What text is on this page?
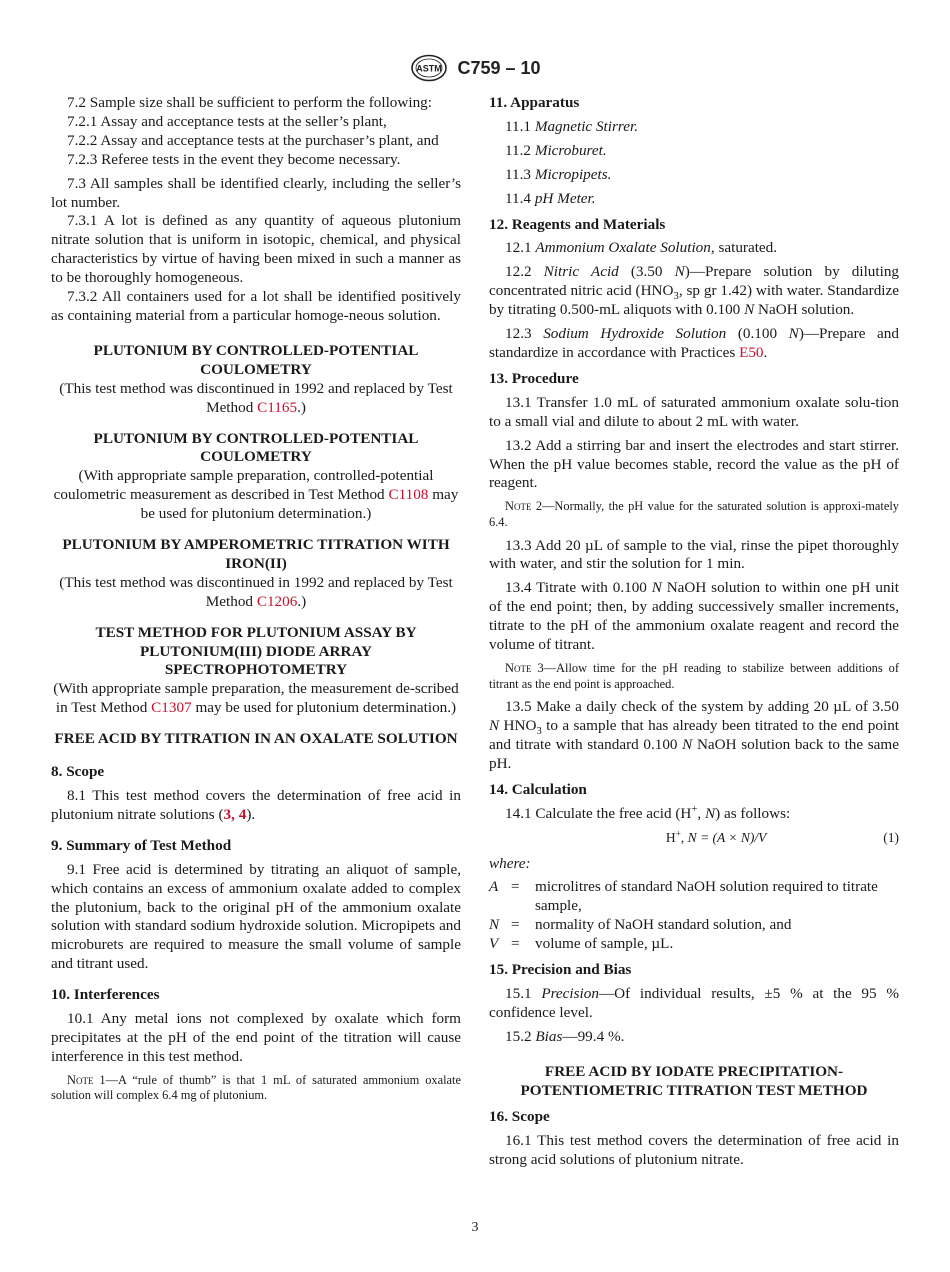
ASTM C759 – 10

7.2 Sample size shall be sufficient to perform the following:

7.2.1 Assay and acceptance tests at the seller’s plant,

7.2.2 Assay and acceptance tests at the purchaser’s plant, and

7.2.3 Referee tests in the event they become necessary.

7.3 All samples shall be identified clearly, including the seller’s lot number.

7.3.1 A lot is defined as any quantity of aqueous plutonium nitrate solution that is uniform in isotopic, chemical, and physical characteristics by virtue of having been mixed in such a manner as to be thoroughly homogeneous.

7.3.2 All containers used for a lot shall be identified positively as containing material from a particular homoge-neous solution.

PLUTONIUM BY CONTROLLED-POTENTIAL COULOMETRY

(This test method was discontinued in 1992 and replaced by Test Method C1165.)

PLUTONIUM BY CONTROLLED-POTENTIAL COULOMETRY

(With appropriate sample preparation, controlled-potential coulometric measurement as described in Test Method C1108 may be used for plutonium determination.)

PLUTONIUM BY AMPEROMETRIC TITRATION WITH IRON(II)

(This test method was discontinued in 1992 and replaced by Test Method C1206.)

TEST METHOD FOR PLUTONIUM ASSAY BY PLUTONIUM(III) DIODE ARRAY SPECTROPHOTOMETRY

(With appropriate sample preparation, the measurement de-scribed in Test Method C1307 may be used for plutonium determination.)

FREE ACID BY TITRATION IN AN OXALATE SOLUTION
8. Scope

8.1 This test method covers the determination of free acid in plutonium nitrate solutions (3, 4).

9. Summary of Test Method

9.1 Free acid is determined by titrating an aliquot of sample, which contains an excess of ammonium oxalate added to complex the plutonium, back to the original pH of the ammonium oxalate solution with standard sodium hydroxide solution. Micropipets and microburets are required to measure the small volume of sample and titrant used.

10. Interferences

10.1 Any metal ions not complexed by oxalate which form precipitates at the pH of the end point of the titration will cause interference in this test method.

Note 1—A “rule of thumb” is that 1 mL of saturated ammonium oxalate solution will complex 6.4 mg of plutonium.

11. Apparatus

11.1 Magnetic Stirrer.

11.2 Microburet.

11.3 Micropipets.

11.4 pH Meter.

12. Reagents and Materials

12.1 Ammonium Oxalate Solution, saturated.

12.2 Nitric Acid (3.50 N)—Prepare solution by diluting concentrated nitric acid ($HNO_3$, sp gr 1.42) with water. Standardize by titrating 0.500-mL aliquots with 0.100 N NaOH solution.

12.3 Sodium Hydroxide Solution (0.100 N)—Prepare and standardize in accordance with Practices E50.

13. Procedure

13.1 Transfer 1.0 mL of saturated ammonium oxalate solu-tion to a small vial and dilute to about 2 mL with water.

13.2 Add a stirring bar and insert the electrodes and start stirrer. When the pH value becomes stable, record the value as the pH of reagent.

Note 2—Normally, the pH value for the saturated solution is approxi-mately 6.4.

13.3 Add 20 µL of sample to the vial, rinse the pipet thoroughly with water, and stir the solution for 1 min.

13.4 Titrate with 0.100 N NaOH solution to within one pH unit of the end point; then, by adding successively smaller increments, titrate to the pH of the ammonium oxalate reagent and record the volume of titrant.

Note 3—Allow time for the pH reading to stabilize between additions of titrant as the end point is approached.

13.5 Make a daily check of the system by adding 20 µL of 3.50 N $HNO_3$ to a sample that has already been titrated to the end point and titrate with standard 0.100 N NaOH solution back to the same pH.

14. Calculation

14.1 Calculate the free acid (H+, N) as follows:

H+, N = (A × N)/V	(1)
where:
A =	microlitres of standard NaOH solution required to titrate sample,
N =	normality of NaOH standard solution, and
V =	volume of sample, µL.
15. Precision and Bias

15.1 Precision—Of individual results, ±5 % at the 95 % confidence level.

15.2 Bias—99.4 %.

FREE ACID BY IODATE PRECIPITATION-POTENTIOMETRIC TITRATION TEST METHOD
16. Scope

16.1 This test method covers the determination of free acid in strong acid solutions of plutonium nitrate.

3
